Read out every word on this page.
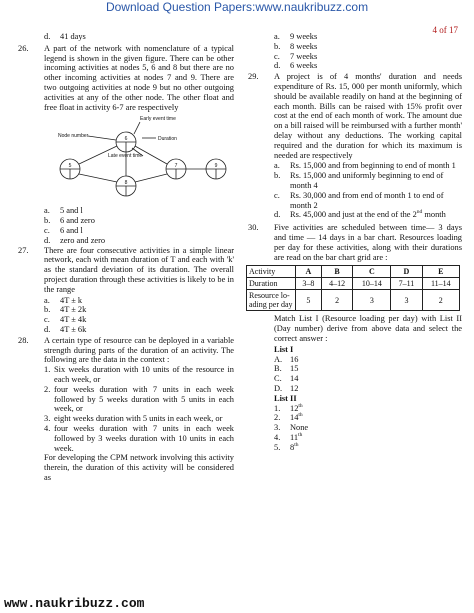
Download Question Papers:www.naukribuzz.com
4 of 17
d. 41 days
26. A part of the network with nomenclature of a typical legend is shown in the given figure. There can be other incoming activities at nodes 5, 6 and 8 but there are no other incoming activities at nodes 7 and 9. There are two outgoing activities at node 9 but no other outgoing activities at any of the other node. The other float and free float in activity 6-7 are respectively
5
6
8
7	9
Early event time
Node number	Duration
Late event time
a. 5 and l
b. 6 and zero
c. 6 and l
d. zero and zero
27. There are four consecutive activities in a simple linear network, each with mean duration of T and each with 'k' as the standard deviation of its duration. The overall project duration through these activities is likely to be in the range
a. 4T ± k
b. 4T ± 2k
c. 4T ± 4k
d. 4T ± 6k
28. A certain type of resource can be deployed in a variable strength during parts of the duration of an activity. The following are the data in the context :
1. Six weeks duration with 10 units of the resource in each week, or
2. four weeks duration with 7 units in each week followed by 5 weeks duration with 5 units in each week, or
3. eight weeks duration with 5 units in each week, or
4. four weeks duration with 7 units in each week followed by 3 weeks duration with 10 units in each week.
For developing the CPM network involving this activity therein, the duration of this activity will be considered as
a. 9 weeks
b. 8 weeks
c. 7 weeks
d. 6 weeks
29. A project is of 4 months' duration and needs expenditure of Rs. 15, 000 per month uniformly, which should be available readily on hand at the beginning of each month. Bills can be raised with 15% profit over cost at the end of each month of work. The amount due on a bill raised will be reimbursed with a further month' delay without any deductions. The working capital required and the duration for which its maximum is needed are respectively
a. Rs. 15,000 and from beginning to end of month 1
b. Rs. 15,000 and uniformly beginning to end of month 4
c. Rs. 30,000 and from end of month 1 to end of month 2
d. Rs. 45,000 and just at the end of the 2nd month
30. Five activities are scheduled between time— 3 days and time — 14 days in a bar chart. Resources loading per day for these activities, along with their durations are read on the bar chart grid are :
Activity	A	B	C	D	E
Duration	3–8	4–12	10–14	7–11	11–14
Resource lo-ading per day	5	2	3	3	2
Match List I (Resource loading per day) with List II (Day number) derive from above data and select the correct answer :
List I
A. 16
B. 15
C. 14
D. 12
List II
1. 12th
2. 14th
3. None
4. 11th
5. 8th
www.naukribuzz.com
